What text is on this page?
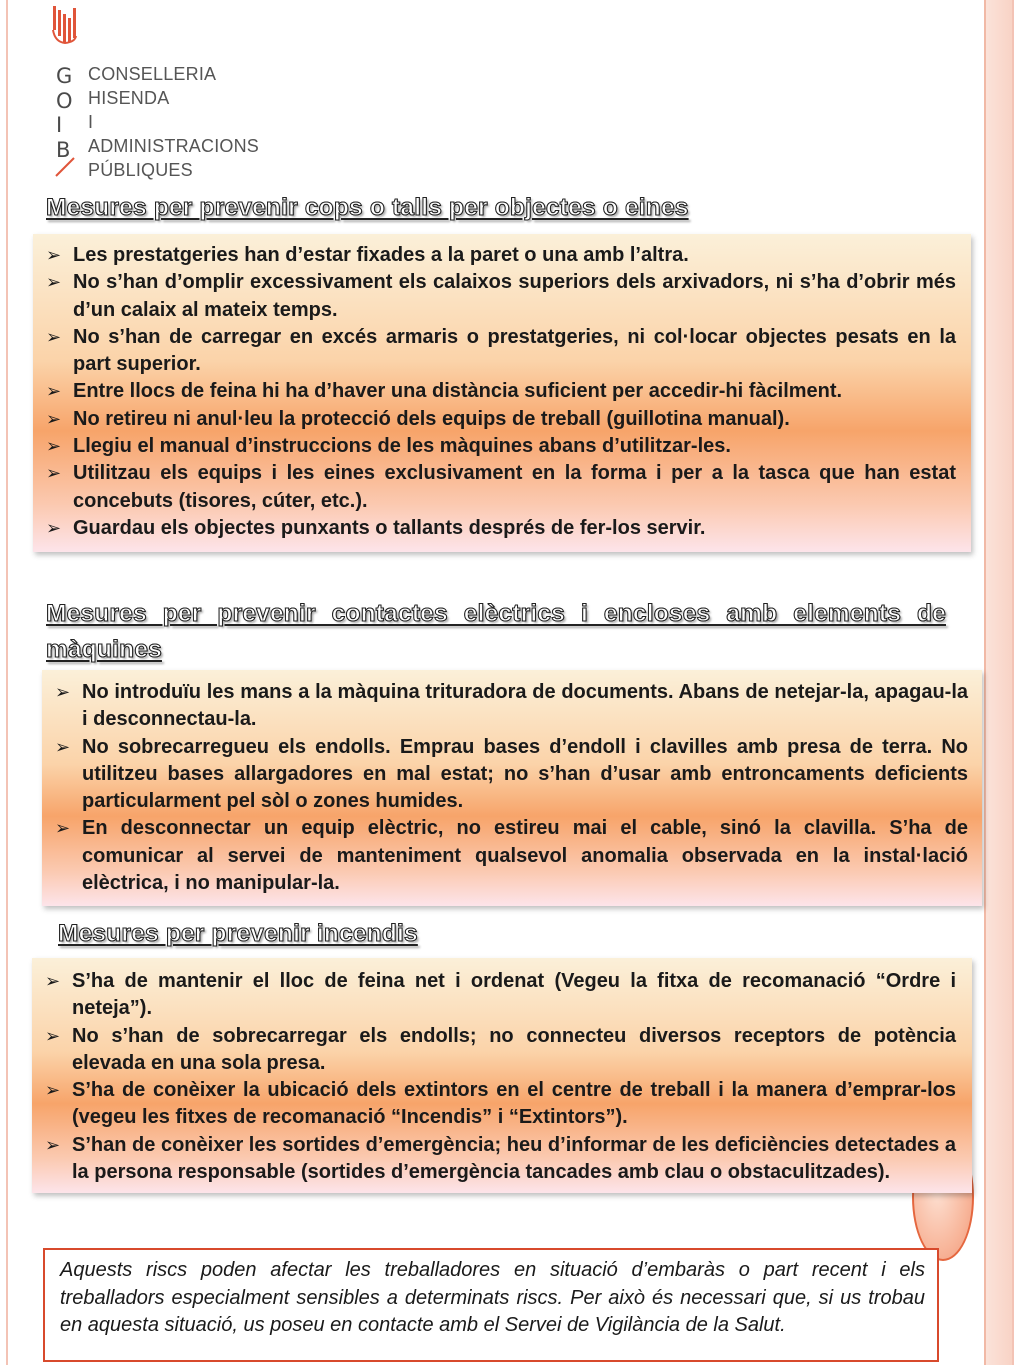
G
O
I
B
CONSELLERIA
HISENDA
I ADMINISTRACIONS
PÚBLIQUES
Mesures per prevenir cops o talls per objectes o eines
➢ Les prestatgeries han d’estar fixades a la paret o una amb l’altra.
➢ No s’han d’omplir excessivament els calaixos superiors dels arxivadors, ni s’ha d’obrir més d’un calaix al mateix temps.
➢ No s’han de carregar en excés armaris o prestatgeries, ni col·locar objectes pesats en la part superior.
➢ Entre llocs de feina hi ha d’haver una distància suficient per accedir-hi fàcilment.
➢ No retireu ni anul·leu la protecció dels equips de treball (guillotina manual).
➢ Llegiu el manual d’instruccions de les màquines abans d’utilitzar-les.
➢ Utilitzau els equips i les eines exclusivament en la forma i per a la tasca que han estat concebuts (tisores, cúter, etc.).
➢ Guardau els objectes punxants o tallants després de fer-los servir.
Mesures per prevenir contactes elèctrics i encloses amb elements de màquines
➢ No introduïu les mans a la màquina trituradora de documents. Abans de netejar-la, apagau-la i desconnectau-la.
➢ No sobrecarregueu els endolls. Emprau bases d’endoll i clavilles amb presa de terra. No utilitzeu bases allargadores en mal estat; no s’han d’usar amb entroncaments deficients particularment pel sòl o zones humides.
➢ En desconnectar un equip elèctric, no estireu mai el cable, sinó la clavilla. S’ha de comunicar al servei de manteniment qualsevol anomalia observada en la instal·lació elèctrica, i no manipular-la.
Mesures per prevenir incendis
➢ S’ha de mantenir el lloc de feina net i ordenat (Vegeu la fitxa de recomanació “Ordre i neteja”).
➢ No s’han de sobrecarregar els endolls; no connecteu diversos receptors de potència elevada en una sola presa.
➢ S’ha de conèixer la ubicació dels extintors en el centre de treball i la manera d’emprar-los (vegeu les fitxes de recomanació “Incendis” i “Extintors”).
➢ S’han de conèixer les sortides d’emergència; heu d’informar de les deficiències detectades a la persona responsable (sortides d’emergència tancades amb clau o obstaculitzades).
Aquests riscs poden afectar les treballadores en situació d’embaràs o part recent i els treballadors especialment sensibles a determinats riscs. Per això és necessari que, si us trobau en aquesta situació, us poseu en contacte amb el Servei de Vigilància de la Salut.
